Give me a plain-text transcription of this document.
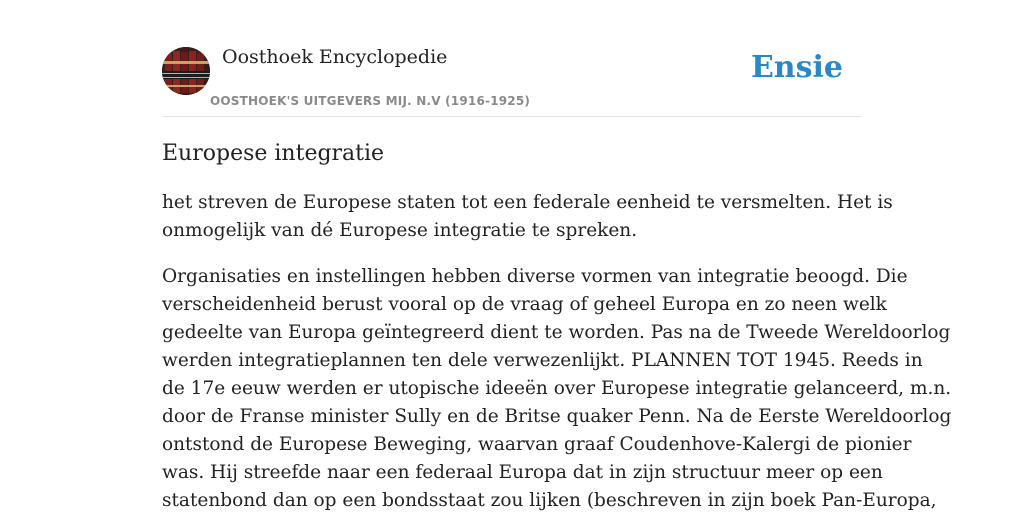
Oosthoek Encyclopedie
OOSTHOEK'S UITGEVERS MIJ. N.V (1916-1925)
Ensie
Europese integratie

het streven de Europese staten tot een federale eenheid te versmelten. Het is
onmogelijk van dé Europese integratie te spreken.

Organisaties en instellingen hebben diverse vormen van integratie beoogd. Die
verscheidenheid berust vooral op de vraag of geheel Europa en zo neen welk
gedeelte van Europa geïntegreerd dient te worden. Pas na de Tweede Wereldoorlog
werden integratieplannen ten dele verwezenlijkt. PLANNEN TOT 1945. Reeds in
de 17e eeuw werden er utopische ideeën over Europese integratie gelanceerd, m.n.
door de Franse minister Sully en de Britse quaker Penn. Na de Eerste Wereldoorlog
ontstond de Europese Beweging, waarvan graaf Coudenhove-Kalergi de pionier
was. Hij streefde naar een federaal Europa dat in zijn structuur meer op een
statenbond dan op een bondsstaat zou lijken (beschreven in zijn boek Pan-Europa,
